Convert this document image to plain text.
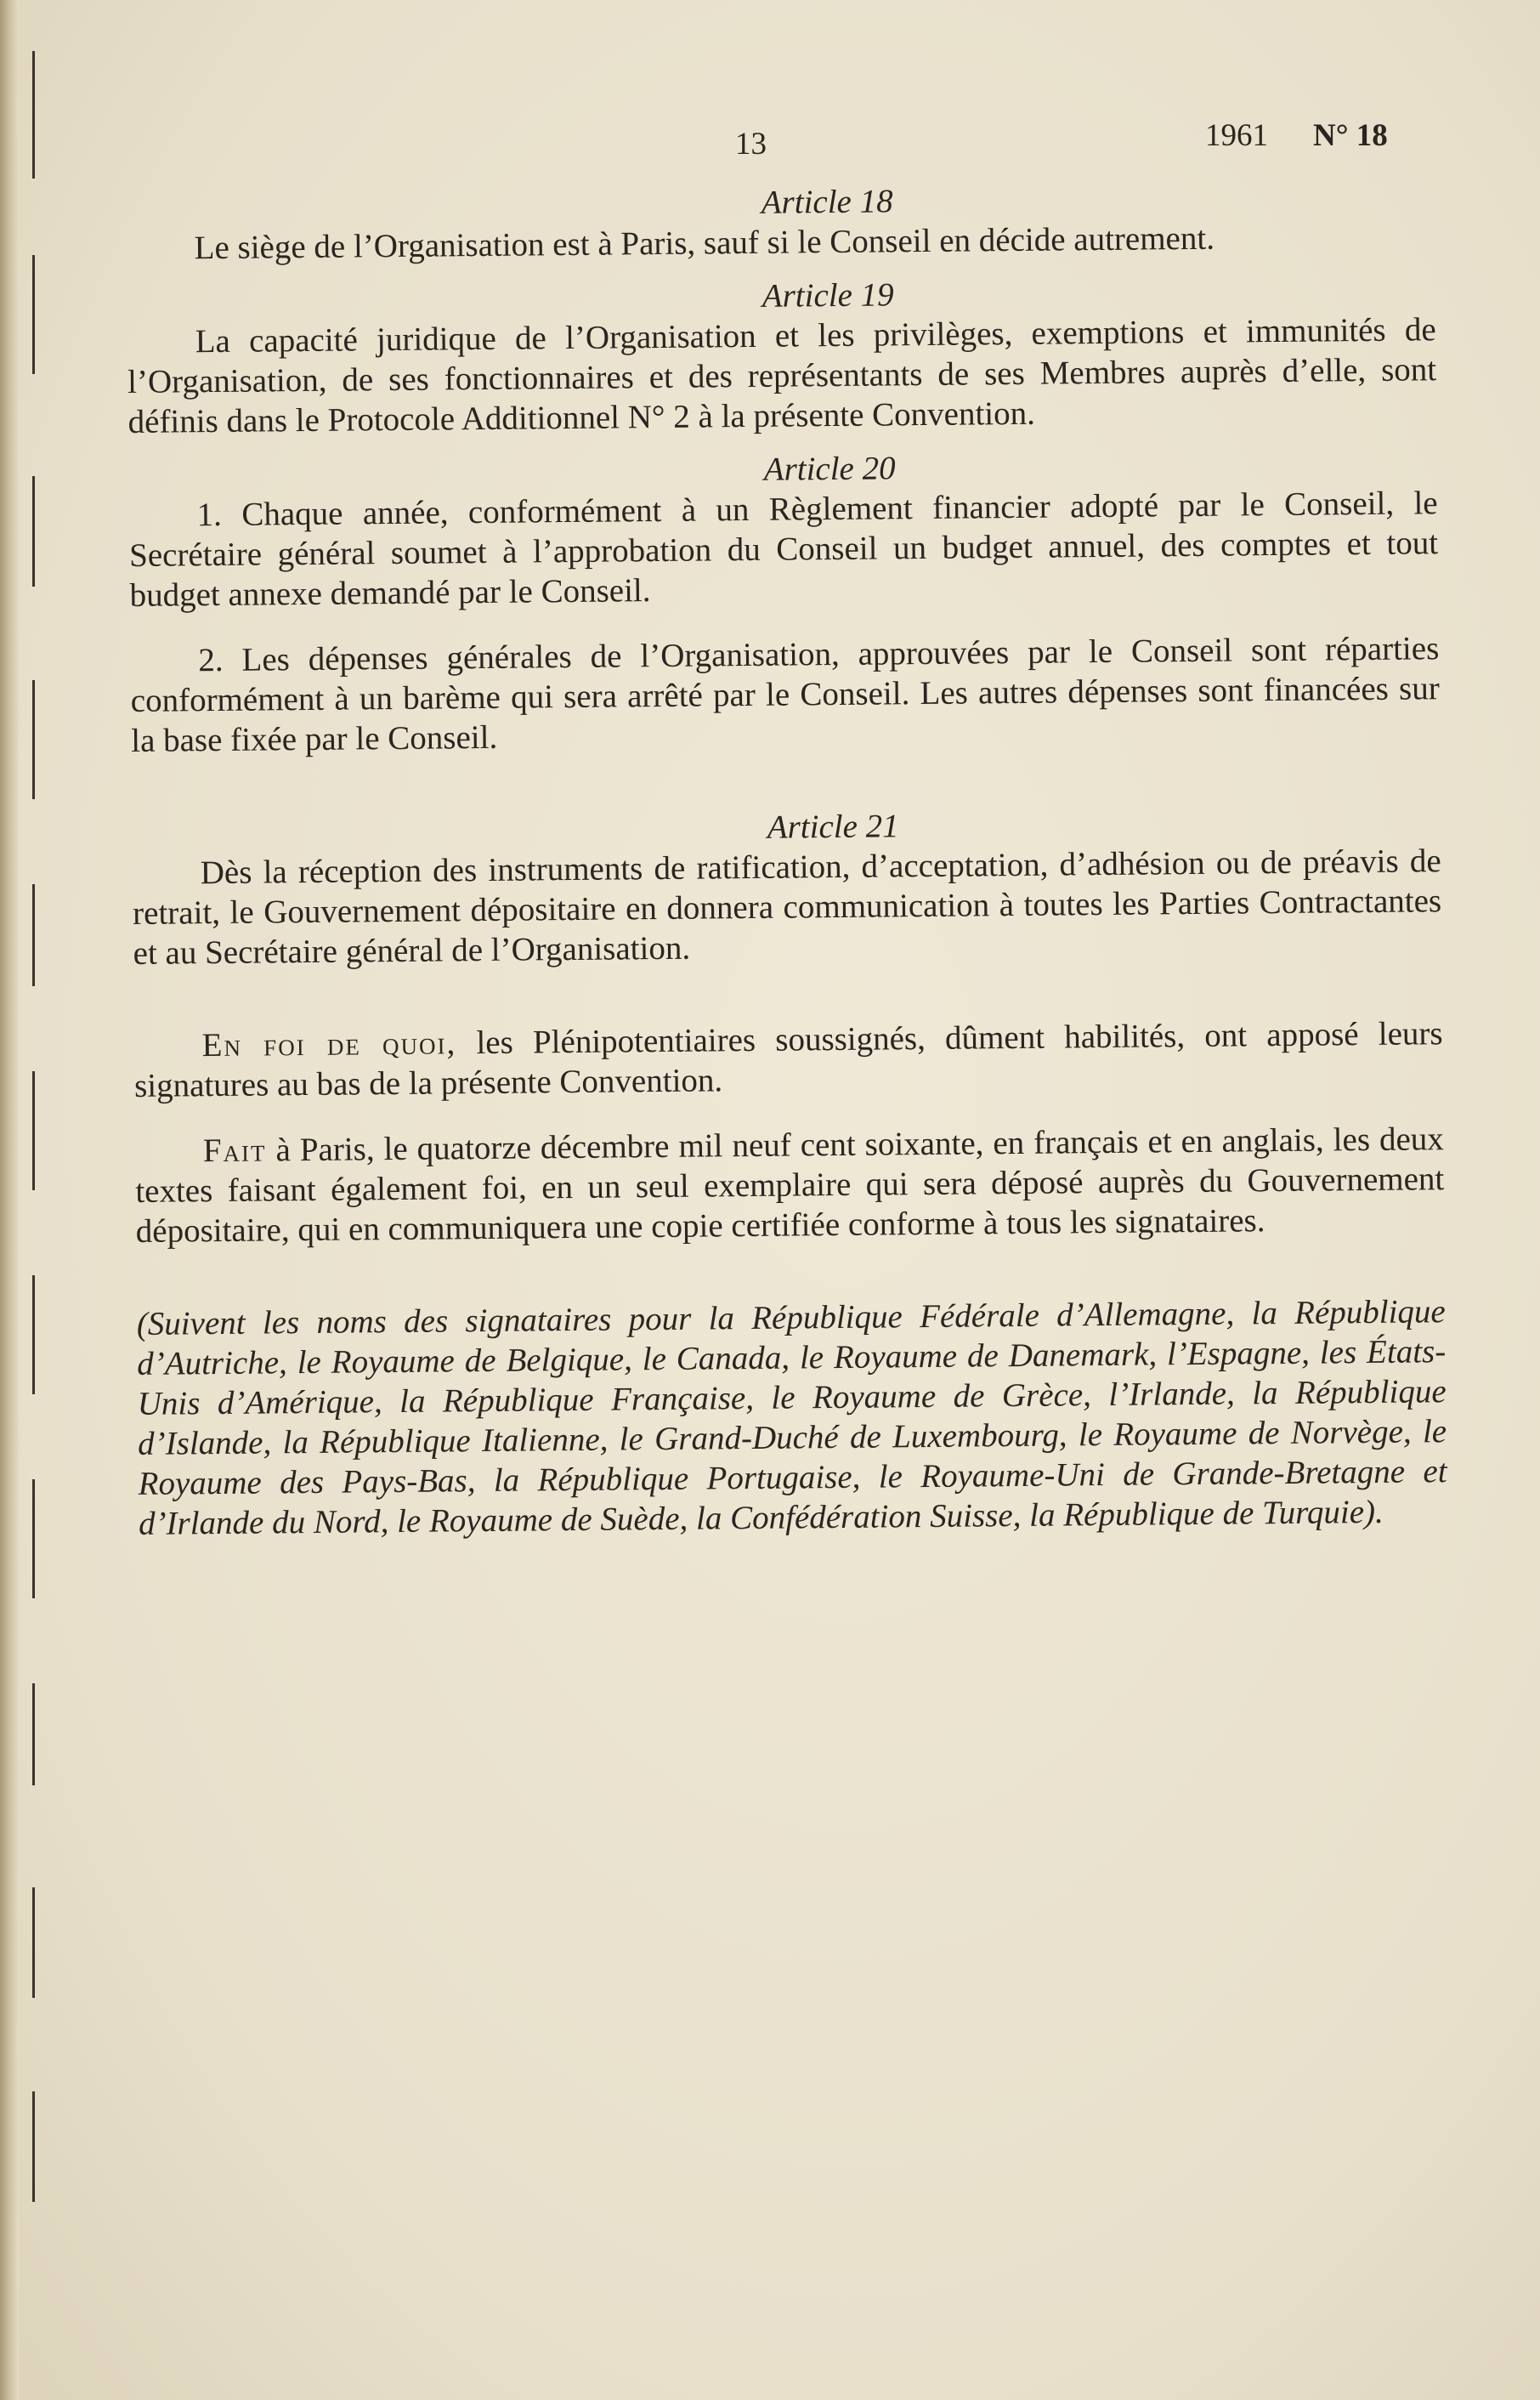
13	1961 N° 18

Article 18

Le siège de l’Organisation est à Paris, sauf si le Conseil en décide autrement.

Article 19

La capacité juridique de l’Organisation et les privilèges, exemptions et immunités de l’Organisation, de ses fonctionnaires et des représentants de ses Membres auprès d’elle, sont définis dans le Protocole Additionnel N° 2 à la présente Convention.

Article 20

1. Chaque année, conformément à un Règlement financier adopté par le Conseil, le Secrétaire général soumet à l’approbation du Conseil un budget annuel, des comptes et tout budget annexe demandé par le Conseil.

2. Les dépenses générales de l’Organisation, approuvées par le Conseil sont réparties conformément à un barème qui sera arrêté par le Conseil. Les autres dépenses sont financées sur la base fixée par le Conseil.

Article 21

Dès la réception des instruments de ratification, d’acceptation, d’adhésion ou de préavis de retrait, le Gouvernement dépositaire en donnera communication à toutes les Parties Contractantes et au Secrétaire général de l’Organisation.

En foi de quoi, les Plénipotentiaires soussignés, dûment habilités, ont apposé leurs signatures au bas de la présente Convention.

Fait à Paris, le quatorze décembre mil neuf cent soixante, en français et en anglais, les deux textes faisant également foi, en un seul exemplaire qui sera déposé auprès du Gouvernement dépositaire, qui en communiquera une copie certifiée conforme à tous les signataires.

(Suivent les noms des signataires pour la République Fédérale d’Allemagne, la République d’Autriche, le Royaume de Belgique, le Canada, le Royaume de Danemark, l’Espagne, les États-Unis d’Amérique, la République Française, le Royaume de Grèce, l’Irlande, la République d’Islande, la République Italienne, le Grand-Duché de Luxembourg, le Royaume de Norvège, le Royaume des Pays-Bas, la République Portugaise, le Royaume-Uni de Grande-Bretagne et d’Irlande du Nord, le Royaume de Suède, la Confédération Suisse, la République de Turquie).
